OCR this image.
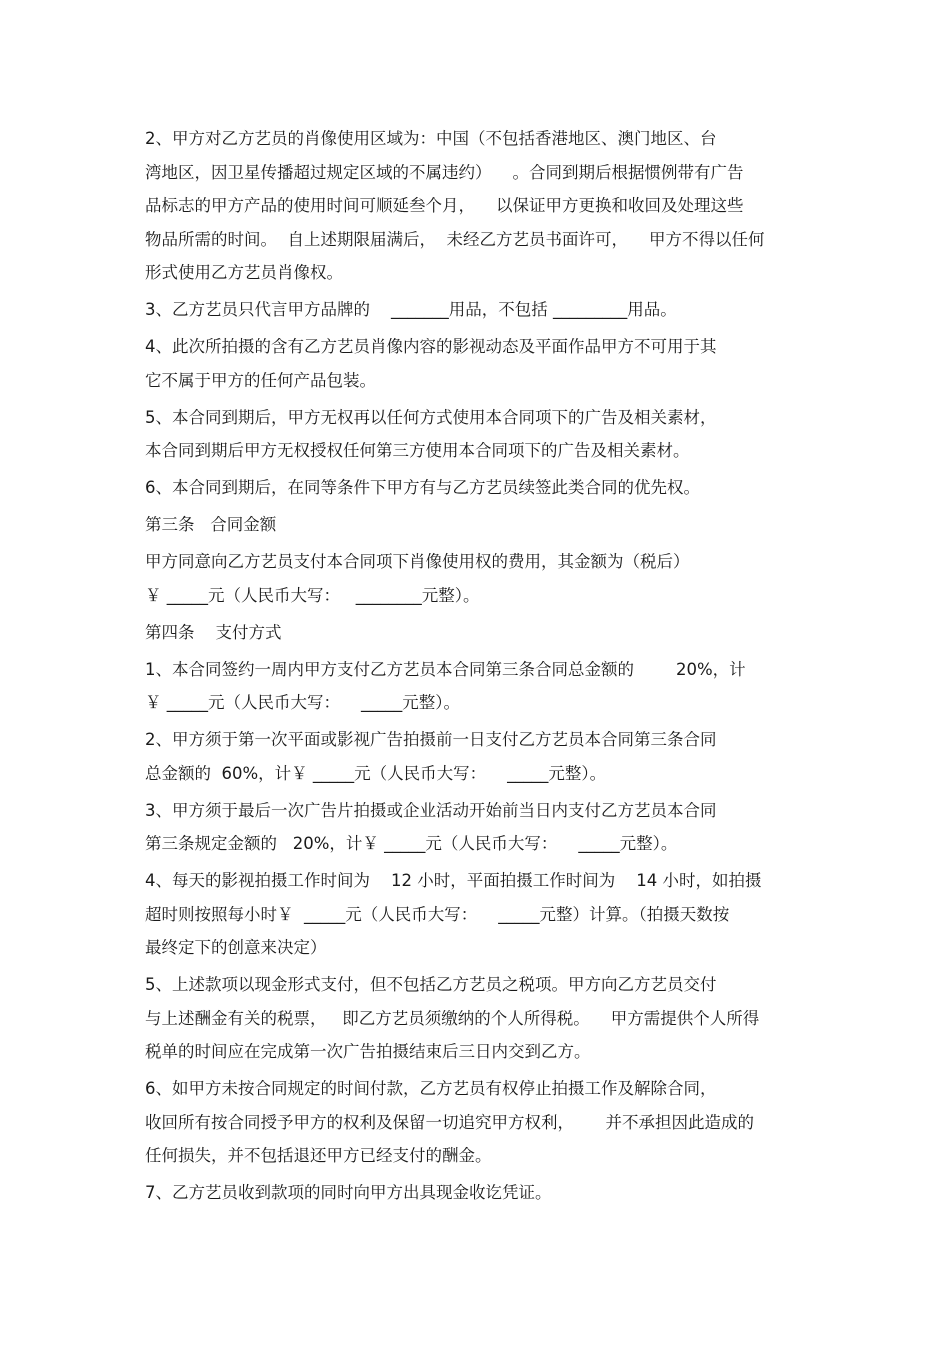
2、甲方对乙方艺员的肖像使用区域为：中国（不包括香港地区、澳门地区、台
湾地区，因卫星传播超过规定区域的不属违约）    。合同到期后根据惯例带有广告
品标志的甲方产品的使用时间可顺延叁个月，    以保证甲方更换和收回及处理这些
物品所需的时间。  自上述期限届满后，  未经乙方艺员书面许可，    甲方不得以任何
形式使用乙方艺员肖像权。
3、乙方艺员只代言甲方品牌的    _______用品，不包括 _________用品。
4、此次所拍摄的含有乙方艺员肖像内容的影视动态及平面作品甲方不可用于其
它不属于甲方的任何产品包装。
5、本合同到期后，甲方无权再以任何方式使用本合同项下的广告及相关素材，
本合同到期后甲方无权授权任何第三方使用本合同项下的广告及相关素材。
6、本合同到期后，在同等条件下甲方有与乙方艺员续签此类合同的优先权。
第三条   合同金额
甲方同意向乙方艺员支付本合同项下肖像使用权的费用，其金额为（税后）
￥ _____元（人民币大写：   ________元整）。
第四条    支付方式
1、本合同签约一周内甲方支付乙方艺员本合同第三条合同总金额的        20%，计
￥ _____元（人民币大写：    _____元整）。
2、甲方须于第一次平面或影视广告拍摄前一日支付乙方艺员本合同第三条合同
总金额的  60%，计￥ _____元（人民币大写：    _____元整）。
3、甲方须于最后一次广告片拍摄或企业活动开始前当日内支付乙方艺员本合同
第三条规定金额的   20%，计￥ _____元（人民币大写：    _____元整）。
4、每天的影视拍摄工作时间为    12 小时，平面拍摄工作时间为    14 小时，如拍摄
超时则按照每小时￥  _____元（人民币大写：    _____元整）计算。（拍摄天数按
最终定下的创意来决定）
5、上述款项以现金形式支付，但不包括乙方艺员之税项。甲方向乙方艺员交付
与上述酬金有关的税票，   即乙方艺员须缴纳的个人所得税。    甲方需提供个人所得
税单的时间应在完成第一次广告拍摄结束后三日内交到乙方。
6、如甲方未按合同规定的时间付款，乙方艺员有权停止拍摄工作及解除合同，
收回所有按合同授予甲方的权利及保留一切追究甲方权利，      并不承担因此造成的
任何损失，并不包括退还甲方已经支付的酬金。
7、乙方艺员收到款项的同时向甲方出具现金收讫凭证。
